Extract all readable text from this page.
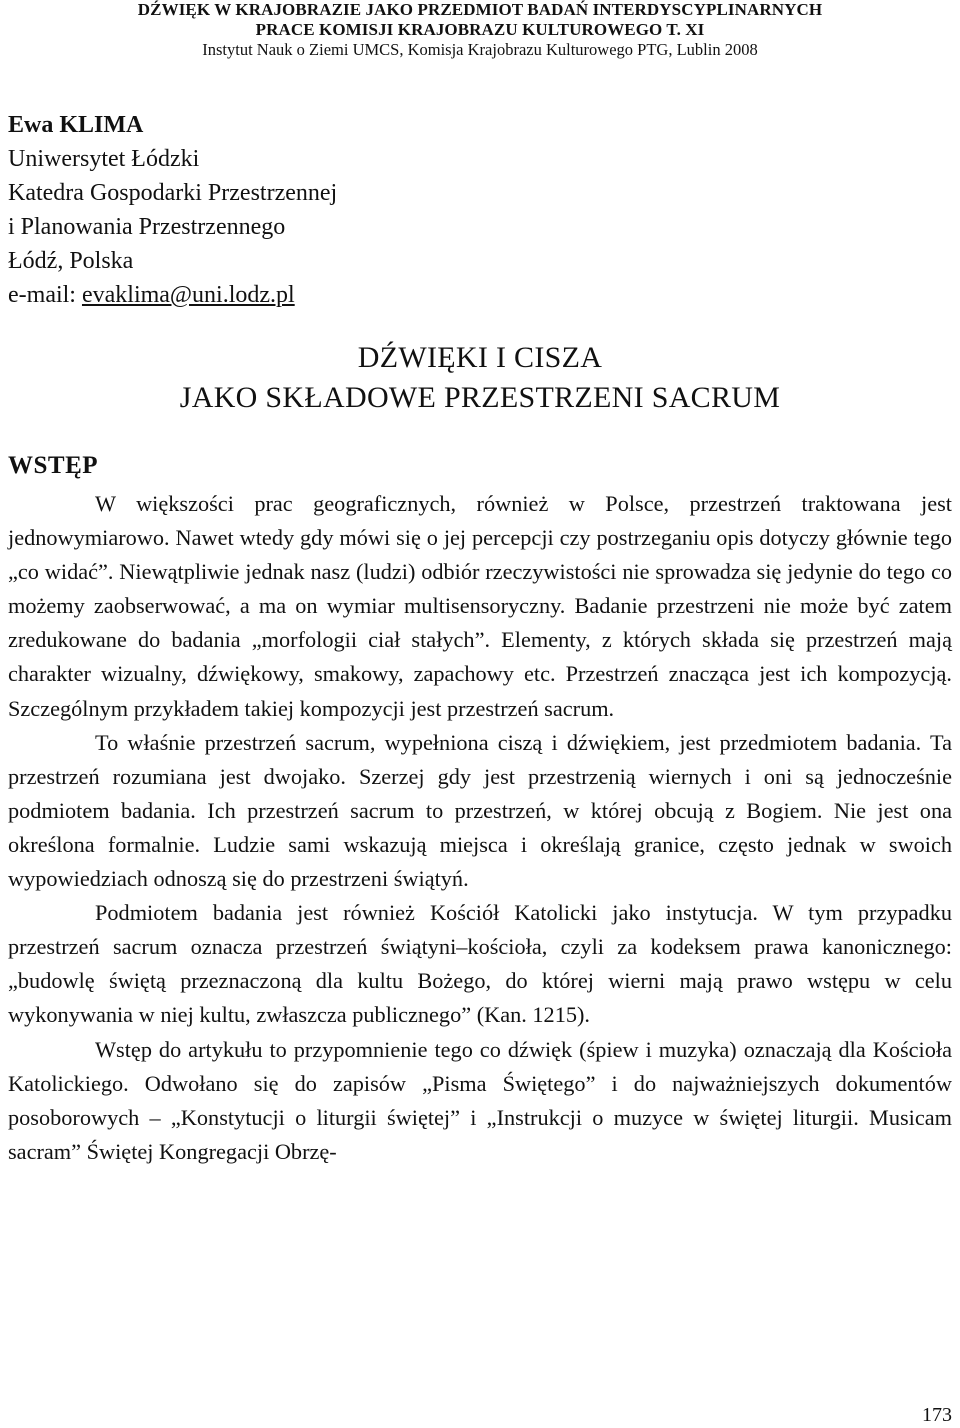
DŹWIĘK W KRAJOBRAZIE JAKO PRZEDMIOT BADAŃ INTERDYSCYPLINARNYCH
PRACE KOMISJI KRAJOBRAZU KULTUROWEGO T. XI
Instytut Nauk o Ziemi UMCS, Komisja Krajobrazu Kulturowego PTG, Lublin 2008
Ewa KLIMA
Uniwersytet Łódzki
Katedra Gospodarki Przestrzennej
i Planowania Przestrzennego
Łódź, Polska
e-mail: evaklima@uni.lodz.pl
DŹWIĘKI I CISZA
JAKO SKŁADOWE PRZESTRZENI SACRUM
WSTĘP

W większości prac geograficznych, również w Polsce, przestrzeń traktowana jest jednowymiarowo. Nawet wtedy gdy mówi się o jej percepcji czy postrzeganiu opis dotyczy głównie tego „co widać”. Niewątpliwie jednak nasz (ludzi) odbiór rzeczywistości nie sprowadza się jedynie do tego co możemy zaobserwować, a ma on wymiar multisensoryczny. Badanie przestrzeni nie może być zatem zredukowane do badania „morfologii ciał stałych”. Elementy, z których składa się przestrzeń mają charakter wizualny, dźwiękowy, smakowy, zapachowy etc. Przestrzeń znacząca jest ich kompozycją. Szczególnym przykładem takiej kompozycji jest przestrzeń sacrum.

To właśnie przestrzeń sacrum, wypełniona ciszą i dźwiękiem, jest przedmiotem badania. Ta przestrzeń rozumiana jest dwojako. Szerzej gdy jest przestrzenią wiernych i oni są jednocześnie podmiotem badania. Ich przestrzeń sacrum to przestrzeń, w której obcują z Bogiem. Nie jest ona określona formalnie. Ludzie sami wskazują miejsca i określają granice, często jednak w swoich wypowiedziach odnoszą się do przestrzeni świątyń.

Podmiotem badania jest również Kościół Katolicki jako instytucja. W tym przypadku przestrzeń sacrum oznacza przestrzeń świątyni–kościoła, czyli za kodeksem prawa kanonicznego: „budowlę świętą przeznaczoną dla kultu Bożego, do której wierni mają prawo wstępu w celu wykonywania w niej kultu, zwłaszcza publicznego” (Kan. 1215).

Wstęp do artykułu to przypomnienie tego co dźwięk (śpiew i muzyka) oznaczają dla Kościoła Katolickiego. Odwołano się do zapisów „Pisma Świętego” i do najważniejszych dokumentów posoborowych – „Konstytucji o liturgii świętej” i „Instrukcji o muzyce w świętej liturgii. Musicam sacram” Świętej Kongregacji Obrzę-

173
